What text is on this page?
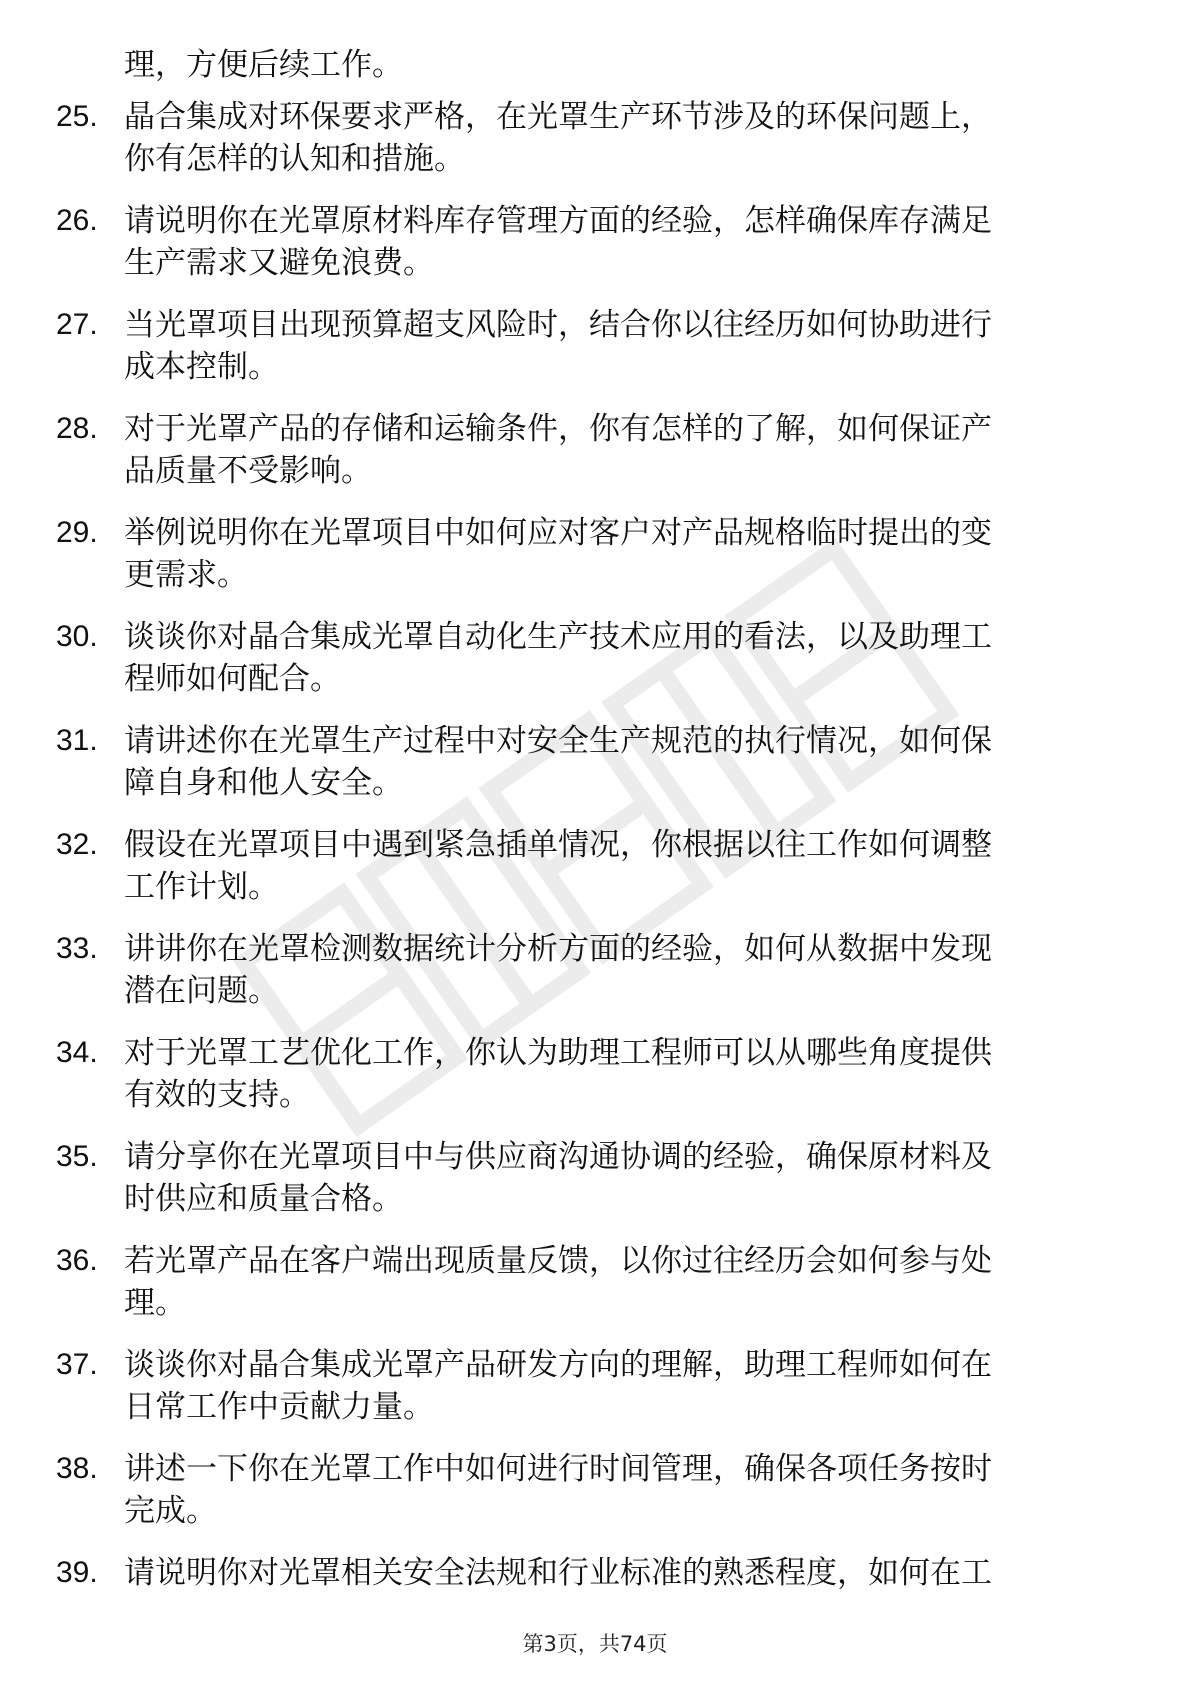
理，方便后续工作。
25. 晶合集成对环保要求严格，在光罩生产环节涉及的环保问题上，
你有怎样的认知和措施。
26. 请说明你在光罩原材料库存管理方面的经验，怎样确保库存满足
生产需求又避免浪费。
27. 当光罩项目出现预算超支风险时，结合你以往经历如何协助进行
成本控制。
28. 对于光罩产品的存储和运输条件，你有怎样的了解，如何保证产
品质量不受影响。
29. 举例说明你在光罩项目中如何应对客户对产品规格临时提出的变
更需求。
30. 谈谈你对晶合集成光罩自动化生产技术应用的看法，以及助理工
程师如何配合。
31. 请讲述你在光罩生产过程中对安全生产规范的执行情况，如何保
障自身和他人安全。
32. 假设在光罩项目中遇到紧急插单情况，你根据以往工作如何调整
工作计划。
33. 讲讲你在光罩检测数据统计分析方面的经验，如何从数据中发现
潜在问题。
34. 对于光罩工艺优化工作，你认为助理工程师可以从哪些角度提供
有效的支持。
35. 请分享你在光罩项目中与供应商沟通协调的经验，确保原材料及
时供应和质量合格。
36. 若光罩产品在客户端出现质量反馈，以你过往经历会如何参与处
理。
37. 谈谈你对晶合集成光罩产品研发方向的理解，助理工程师如何在
日常工作中贡献力量。
38. 讲述一下你在光罩工作中如何进行时间管理，确保各项任务按时
完成。
39. 请说明你对光罩相关安全法规和行业标准的熟悉程度，如何在工
第3页，共74页
